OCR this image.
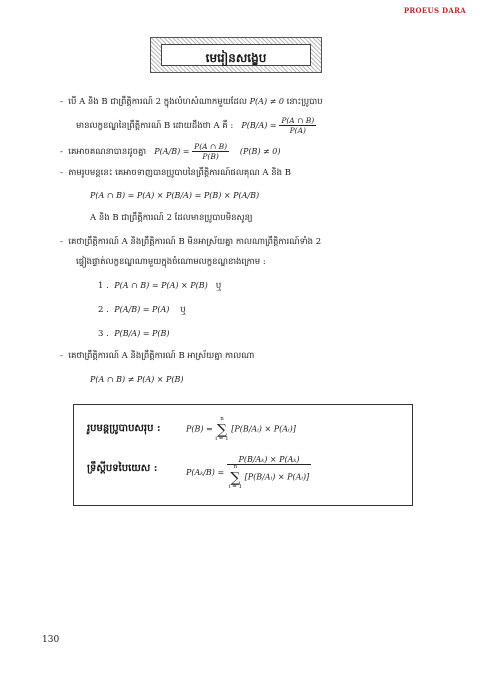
PROEUS DARA
មេរៀនសង្ខេប
- បើ A និង B ជាព្រឹត្តិការណ៍ 2 ក្នុងលំហសំណាកមួយដែល P(A) ≠ 0 នោះប្រូបាប
មានលក្ខខណ្ឌនៃព្រឹត្តិការណ៍ B ដោយដឹងថា A គឺ : $P(B/A) = \frac{P(A \cap B)}{P(A)}$
- គេអាចគណនាបានដូចគ្នា $P(A/B) = \frac{P(A \cap B)}{P(B)} (P(B) \ne 0)$
- តាមរូបមន្តនេះ គេអាចទាញបានប្រូបាបនៃព្រឹត្តិការណ៍ផលគុណ A និង B
P(A ∩ B) = P(A) × P(B/A) = P(B) × P(A/B)
A និង B ជាព្រឹត្តិការណ៍ 2 ដែលមានប្រូបាបមិនសូន្យ
- គេថាព្រឹត្តិការណ៍ A និងព្រឹត្តិការណ៍ B មិនអាស្រ័យគ្នា កាលណាព្រឹត្តិការណ៍ទាំង 2
ផ្ទៀងផ្ទាត់លក្ខខណ្ឌណាមួយក្នុងចំណោមលក្ខខណ្ឌខាងក្រោម :
1 . P(A ∩ B) = P(A) × P(B) ឬ
2 . P(A/B) = P(A) ឬ
3 . P(B/A) = P(B)
- គេថាព្រឹត្តិការណ៍ A និងព្រឹត្តិការណ៍ B អាស្រ័យគ្នា កាលណា
P(A ∩ B) ≠ P(A) × P(B)
រូបមន្តប្រូបាបសរុប :	P(B) =
n
∑
i = 1
[P(B/Aᵢ) × P(Aᵢ)]
ទ្រឹស្តីបទបៃយេស :	P(Aₖ/B) =
P(B/Aₖ) × P(Aₖ)
n
∑
i = 1
[P(B/Aᵢ) × P(Aᵢ)]
130
